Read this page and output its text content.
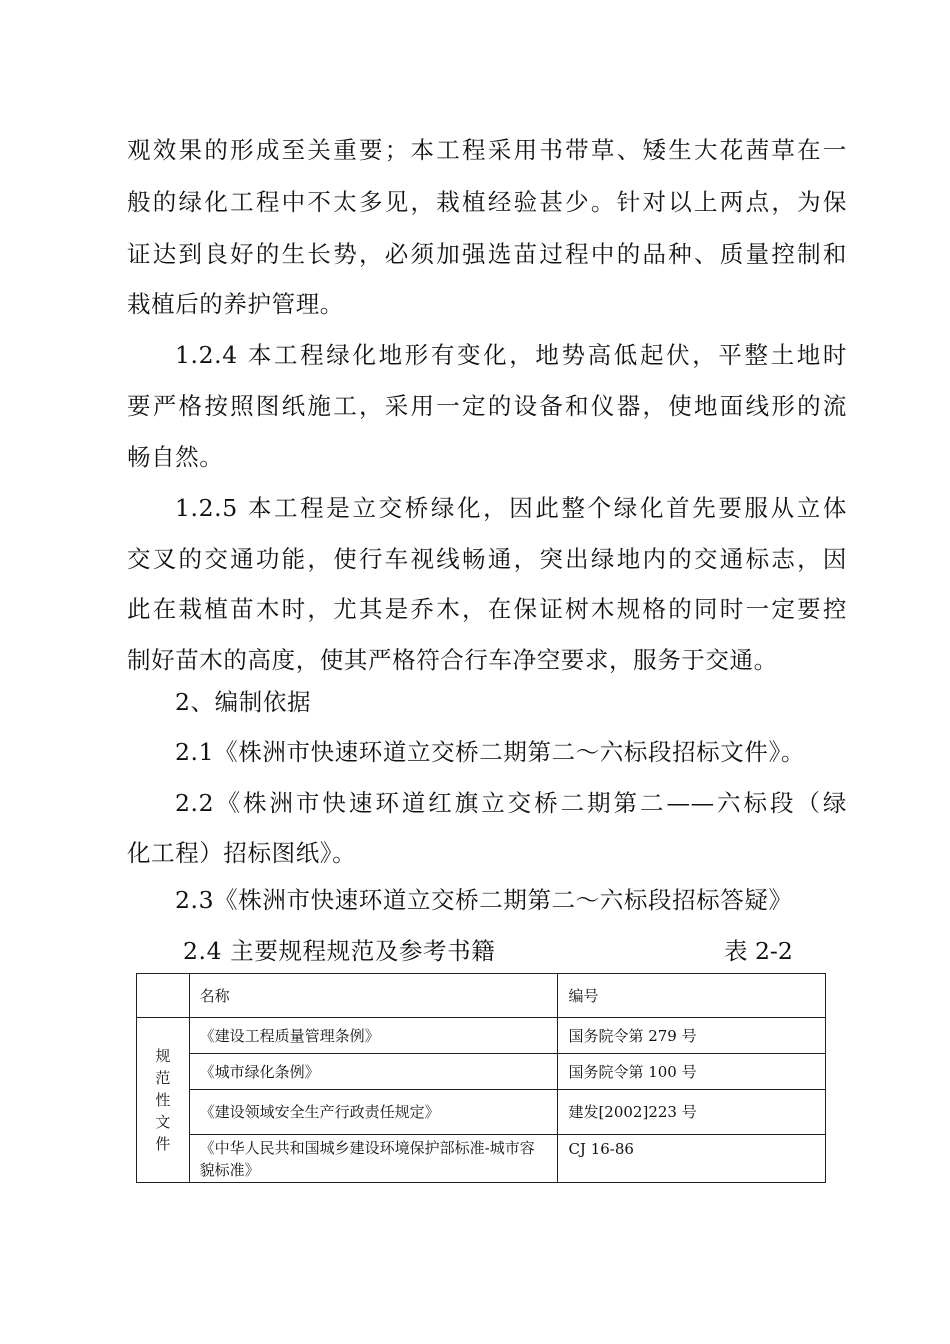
观效果的形成至关重要；本工程采用书带草、矮生大花茜草在一
般的绿化工程中不太多见，栽植经验甚少。针对以上两点，为保
证达到良好的生长势，必须加强选苗过程中的品种、质量控制和
栽植后的养护管理。
1.2.4 本工程绿化地形有变化，地势高低起伏，平整土地时
要严格按照图纸施工，采用一定的设备和仪器，使地面线形的流
畅自然。
1.2.5 本工程是立交桥绿化，因此整个绿化首先要服从立体
交叉的交通功能，使行车视线畅通，突出绿地内的交通标志，因
此在栽植苗木时，尤其是乔木，在保证树木规格的同时一定要控
制好苗木的高度，使其严格符合行车净空要求，服务于交通。
2、编制依据
2.1《株洲市快速环道立交桥二期第二～六标段招标文件》。
2.2《株洲市快速环道红旗立交桥二期第二——六标段（绿
化工程）招标图纸》。
2.3《株洲市快速环道立交桥二期第二～六标段招标答疑》
2.4 主要规程规范及参考书籍	表 2-2
	名称	编号
规范性文件	《建设工程质量管理条例》	国务院令第 279 号
	《城市绿化条例》	国务院令第 100 号
	《建设领域安全生产行政责任规定》	建发[2002]223 号
	《中华人民共和国城乡建设环境保护部标准-城市容貌标准》	CJ 16-86
